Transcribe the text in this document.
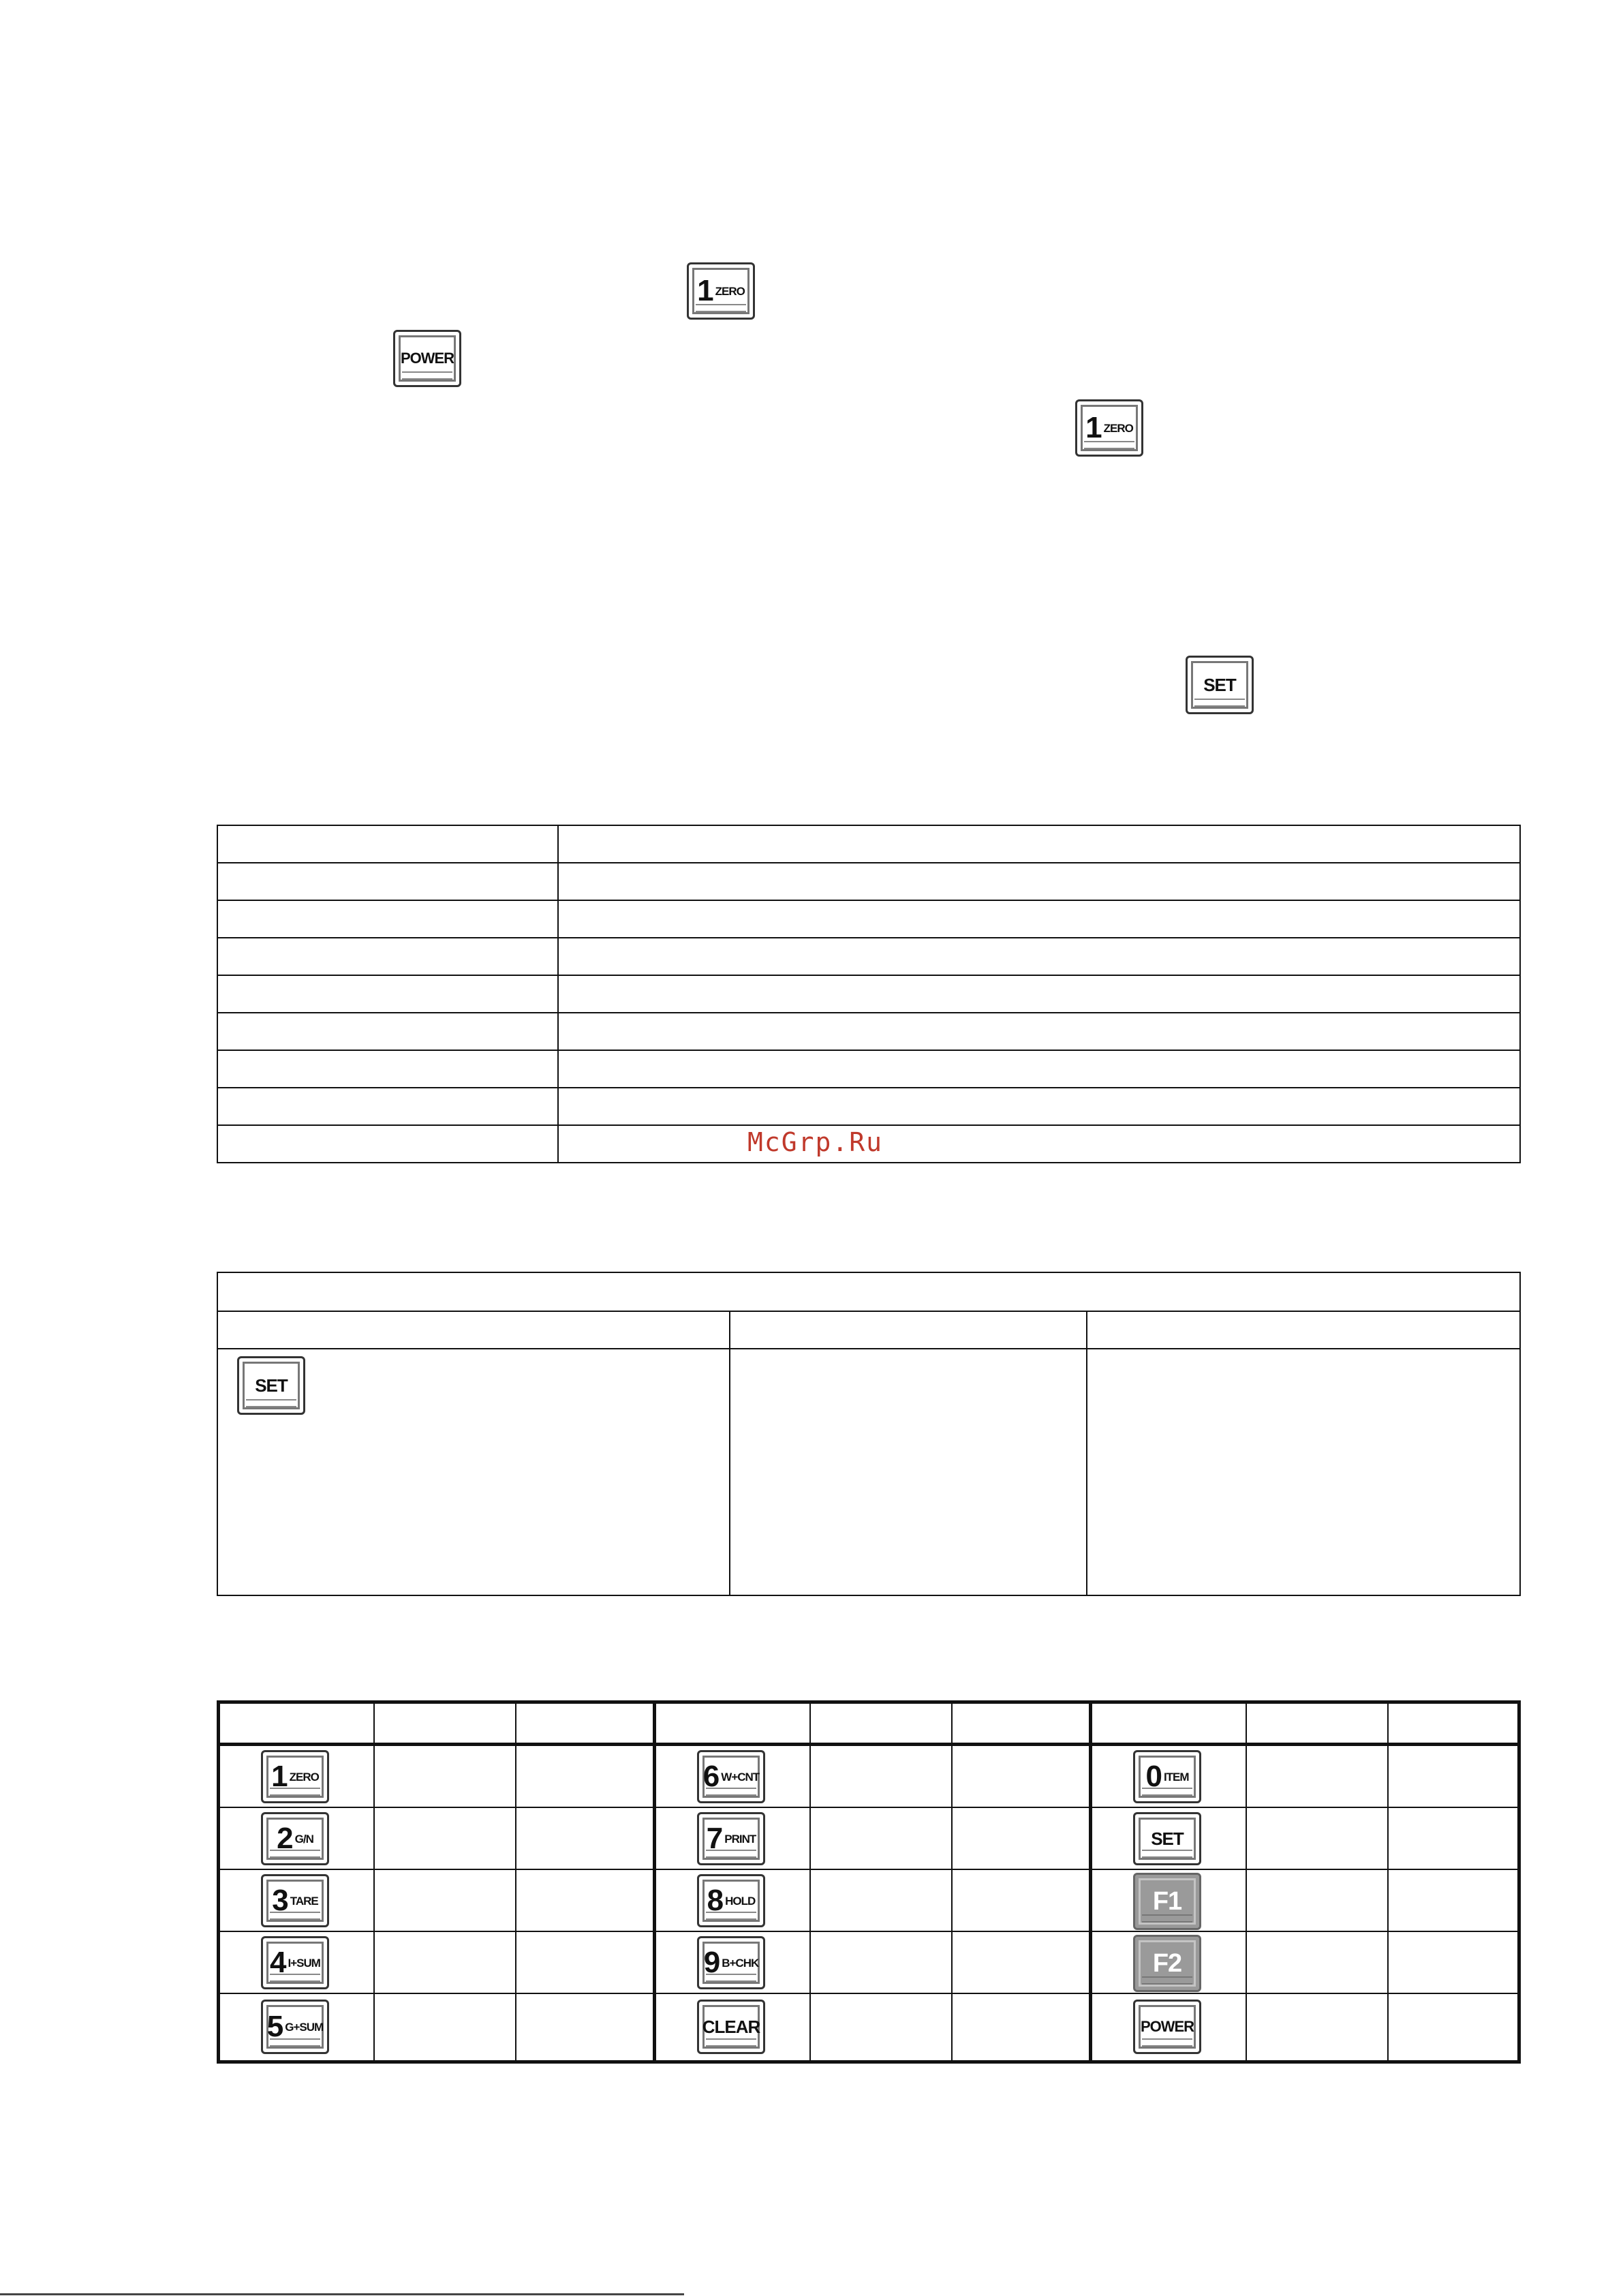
1 ZERO
POWER
1 ZERO
SET

McGrp.Ru

SET		

1 ZERO			6 W+CNT			0 ITEM		

2 G/N			7 PRINT			SET		

3 TARE			8 HOLD			F1		

4 I+SUM			9 B+CHK			F2		

5 G+SUM			CLEAR			POWER		
